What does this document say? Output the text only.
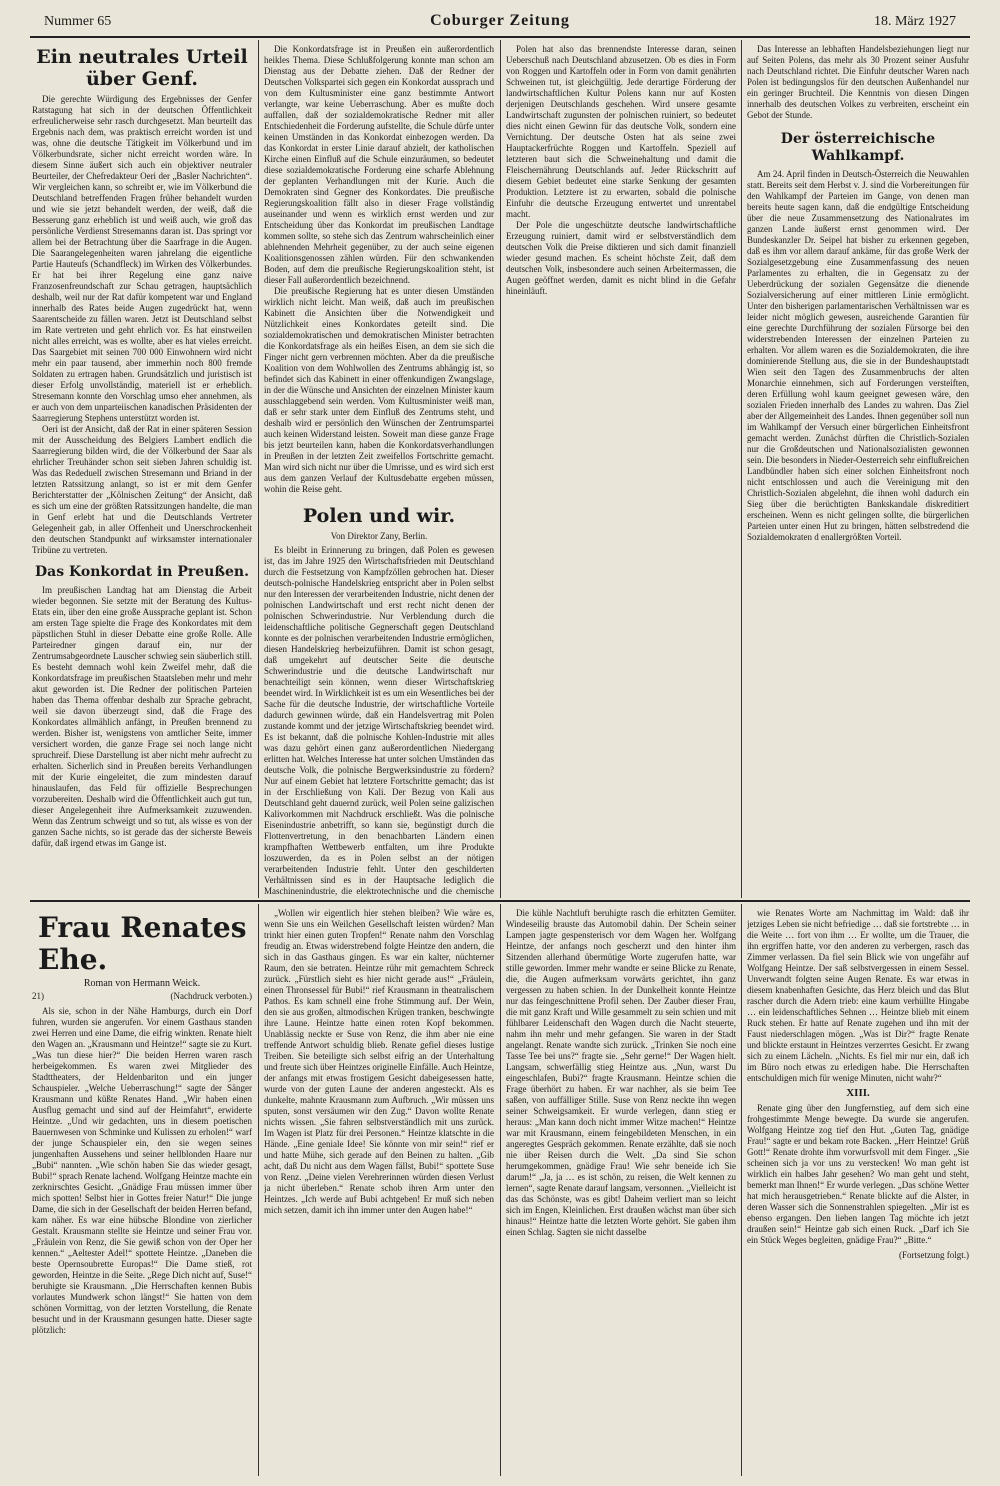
Nummer 65	Coburger Zeitung	18. März 1927
Ein neutrales Urteil über Genf.

Die gerechte Würdigung des Ergebnisses der Genfer Ratstagung hat sich in der deutschen Öffentlichkeit erfreulicherweise sehr rasch durchgesetzt. Man beurteilt das Ergebnis nach dem, was praktisch erreicht worden ist und was, ohne die deutsche Tätigkeit im Völkerbund und im Völkerbundsrate, sicher nicht erreicht worden wäre. In diesem Sinne äußert sich auch ein objektiver neutraler Beurteiler, der Chefredakteur Oeri der „Basler Nachrichten“. Wir vergleichen kann, so schreibt er, wie im Völkerbund die Deutschland betreffenden Fragen früher behandelt wurden und wie sie jetzt behandelt werden, der weiß, daß die Besserung ganz erheblich ist und weiß auch, wie groß das persönliche Verdienst Stresemanns daran ist. Das springt vor allem bei der Betrachtung über die Saarfrage in die Augen. Die Saarangelegenheiten waren jahrelang die eigentliche Partie Hauteufs (Schandfleck) im Wirken des Völkerbundes. Er hat bei ihrer Regelung eine ganz naive Franzosenfreundschaft zur Schau getragen, hauptsächlich deshalb, weil nur der Rat dafür kompetent war und England innerhalb des Rates beide Augen zugedrückt hat, wenn Saarentscheide zu fällen waren. Jetzt ist Deutschland selbst im Rate vertreten und geht ehrlich vor. Es hat einstweilen nicht alles erreicht, was es wollte, aber es hat vieles erreicht. Das Saargebiet mit seinen 700 000 Einwohnern wird nicht mehr ein paar tausend, aber immerhin noch 800 fremde Soldaten zu ertragen haben. Grundsätzlich und juristisch ist dieser Erfolg unvollständig, materiell ist er erheblich. Stresemann konnte den Vorschlag umso eher annehmen, als er auch von dem unparteiischen kanadischen Präsidenten der Saarregierung Stephens unterstützt worden ist.

Oeri ist der Ansicht, daß der Rat in einer späteren Session mit der Ausscheidung des Belgiers Lambert endlich die Saarregierung bilden wird, die der Völkerbund der Saar als ehrlicher Treuhänder schon seit sieben Jahren schuldig ist. Was das Rededuell zwischen Stresemann und Briand in der letzten Ratssitzung anlangt, so ist er mit dem Genfer Berichterstatter der „Kölnischen Zeitung“ der Ansicht, daß es sich um eine der größten Ratssitzungen handelte, die man in Genf erlebt hat und die Deutschlands Vertreter Gelegenheit gab, in aller Offenheit und Unerschrockenheit den deutschen Standpunkt auf wirksamster internationaler Tribüne zu vertreten.

Das Konkordat in Preußen.

Im preußischen Landtag hat am Dienstag die Arbeit wieder begonnen. Sie setzte mit der Beratung des Kultus-Etats ein, über den eine große Aussprache geplant ist. Schon am ersten Tage spielte die Frage des Konkordates mit dem päpstlichen Stuhl in dieser Debatte eine große Rolle. Alle Parteiredner gingen darauf ein, nur der Zentrumsabgeordnete Lauscher schwieg sein säuberlich still. Es besteht demnach wohl kein Zweifel mehr, daß die Konkordatsfrage im preußischen Staatsleben mehr und mehr akut geworden ist. Die Redner der politischen Parteien haben das Thema offenbar deshalb zur Sprache gebracht, weil sie davon überzeugt sind, daß die Frage des Konkordates allmählich anfängt, in Preußen brennend zu werden. Bisher ist, wenigstens von amtlicher Seite, immer versichert worden, die ganze Frage sei noch lange nicht spruchreif. Diese Darstellung ist aber nicht mehr aufrecht zu erhalten. Sicherlich sind in Preußen bereits Verhandlungen mit der Kurie eingeleitet, die zum mindesten darauf hinauslaufen, das Feld für offizielle Besprechungen vorzubereiten. Deshalb wird die Öffentlichkeit auch gut tun, dieser Angelegenheit ihre Aufmerksamkeit zuzuwenden. Wenn das Zentrum schweigt und so tut, als wisse es von der ganzen Sache nichts, so ist gerade das der sicherste Beweis dafür, daß irgend etwas im Gange ist.

Die Konkordatsfrage ist in Preußen ein außerordentlich heikles Thema. Diese Schlußfolgerung konnte man schon am Dienstag aus der Debatte ziehen. Daß der Redner der Deutschen Volkspartei sich gegen ein Konkordat aussprach und von dem Kultusminister eine ganz bestimmte Antwort verlangte, war keine Ueberraschung. Aber es mußte doch auffallen, daß der sozialdemokratische Redner mit aller Entschiedenheit die Forderung aufstellte, die Schule dürfe unter keinen Umständen in das Konkordat einbezogen werden. Da das Konkordat in erster Linie darauf abzielt, der katholischen Kirche einen Einfluß auf die Schule einzuräumen, so bedeutet diese sozialdemokratische Forderung eine scharfe Ablehnung der geplanten Verhandlungen mit der Kurie. Auch die Demokraten sind Gegner des Konkordates. Die preußische Regierungskoalition fällt also in dieser Frage vollständig auseinander und wenn es wirklich ernst werden und zur Entscheidung über das Konkordat im preußischen Landtage kommen sollte, so stehe sich das Zentrum wahrscheinlich einer ablehnenden Mehrheit gegenüber, zu der auch seine eigenen Koalitionsgenossen zählen würden. Für den schwankenden Boden, auf dem die preußische Regierungskoalition steht, ist dieser Fall außerordentlich bezeichnend.

Die preußische Regierung hat es unter diesen Umständen wirklich nicht leicht. Man weiß, daß auch im preußischen Kabinett die Ansichten über die Notwendigkeit und Nützlichkeit eines Konkordates geteilt sind. Die sozialdemokratischen und demokratischen Minister betrachten die Konkordatsfrage als ein heißes Eisen, an dem sie sich die Finger nicht gern verbrennen möchten. Aber da die preußische Koalition von dem Wohlwollen des Zentrums abhängig ist, so befindet sich das Kabinett in einer offenkundigen Zwangslage, in der die Wünsche und Ansichten der einzelnen Minister kaum ausschlaggebend sein werden. Vom Kultusminister weiß man, daß er sehr stark unter dem Einfluß des Zentrums steht, und deshalb wird er persönlich den Wünschen der Zentrumspartei auch keinen Widerstand leisten. Soweit man diese ganze Frage bis jetzt beurteilen kann, haben die Konkordatsverhandlungen in Preußen in der letzten Zeit zweifellos Fortschritte gemacht. Man wird sich nicht nur über die Umrisse, und es wird sich erst aus dem ganzen Verlauf der Kultusdebatte ergeben müssen, wohin die Reise geht.

Polen und wir.
Von Direktor Zany, Berlin.

Es bleibt in Erinnerung zu bringen, daß Polen es gewesen ist, das im Jahre 1925 den Wirtschaftsfrieden mit Deutschland durch die Festsetzung von Kampfzöllen gebrochen hat. Dieser deutsch-polnische Handelskrieg entspricht aber in Polen selbst nur den Interessen der verarbeitenden Industrie, nicht denen der polnischen Landwirtschaft und erst recht nicht denen der polnischen Schwerindustrie. Nur Verblendung durch die leidenschaftliche politische Gegnerschaft gegen Deutschland konnte es der polnischen verarbeitenden Industrie ermöglichen, diesen Handelskrieg herbeizuführen. Damit ist schon gesagt, daß umgekehrt auf deutscher Seite die deutsche Schwerindustrie und die deutsche Landwirtschaft nur benachteiligt sein können, wenn dieser Wirtschaftskrieg beendet wird. In Wirklichkeit ist es um ein Wesentliches bei der Sache für die deutsche Industrie, der wirtschaftliche Vorteile dadurch gewinnen würde, daß ein Handelsvertrag mit Polen zustande kommt und der jetzige Wirtschaftskrieg beendet wird. Es ist bekannt, daß die polnische Kohlen-Industrie mit alles was dazu gehört einen ganz außerordentlichen Niedergang erlitten hat. Welches Interesse hat unter solchen Umständen das deutsche Volk, die polnische Bergwerksindustrie zu fördern? Nur auf einem Gebiet hat letztere Fortschritte gemacht; das ist in der Erschließung von Kali. Der Bezug von Kali aus Deutschland geht dauernd zurück, weil Polen seine galizischen Kalivorkommen mit Nachdruck erschließt. Was die polnische Eisenindustrie anbetrifft, so kann sie, begünstigt durch die Flottenvertretung, in den benachbarten Ländern einen krampfhaften Wettbewerb entfalten, um ihre Produkte loszuwerden, da es in Polen selbst an der nötigen verarbeitenden Industrie fehlt. Unter den geschilderten Verhältnissen sind es in der Hauptsache lediglich die Maschinenindustrie, die elektrotechnische und die chemische

Polen hat also das brennendste Interesse daran, seinen Ueberschuß nach Deutschland abzusetzen. Ob es dies in Form von Roggen und Kartoffeln oder in Form von damit genährten Schweinen tut, ist gleichgültig. Jede derartige Förderung der landwirtschaftlichen Kultur Polens kann nur auf Kosten derjenigen Deutschlands geschehen. Wird unsere gesamte Landwirtschaft zugunsten der polnischen ruiniert, so bedeutet dies nicht einen Gewinn für das deutsche Volk, sondern eine Vernichtung. Der deutsche Osten hat als seine zwei Hauptackerfrüchte Roggen und Kartoffeln. Speziell auf letzteren baut sich die Schweinehaltung und damit die Fleischernährung Deutschlands auf. Jeder Rückschritt auf diesem Gebiet bedeutet eine starke Senkung der gesamten Produktion. Letztere ist zu erwarten, sobald die polnische Einfuhr die deutsche Erzeugung entwertet und unrentabel macht.

Der Pole die ungeschützte deutsche landwirtschaftliche Erzeugung ruiniert, damit wird er selbstverständlich dem deutschen Volk die Preise diktieren und sich damit finanziell wieder gesund machen. Es scheint höchste Zeit, daß dem deutschen Volk, insbesondere auch seinen Arbeitermassen, die Augen geöffnet werden, damit es nicht blind in die Gefahr hineinläuft.

Das Interesse an lebhaften Handelsbeziehungen liegt nur auf Seiten Polens, das mehr als 30 Prozent seiner Ausfuhr nach Deutschland richtet. Die Einfuhr deutscher Waren nach Polen ist bedingungslos für den deutschen Außenhandel nur ein geringer Bruchteil. Die Kenntnis von diesen Dingen innerhalb des deutschen Volkes zu verbreiten, erscheint ein Gebot der Stunde.

Der österreichische Wahlkampf.

Am 24. April finden in Deutsch-Österreich die Neuwahlen statt. Bereits seit dem Herbst v. J. sind die Vorbereitungen für den Wahlkampf der Parteien im Gange, von denen man bereits heute sagen kann, daß die endgültige Entscheidung über die neue Zusammensetzung des Nationalrates im ganzen Lande äußerst ernst genommen wird. Der Bundeskanzler Dr. Seipel hat bisher zu erkennen gegeben, daß es ihm vor allem darauf ankäme, für das große Werk der Sozialgesetzgebung eine Zusammenfassung des neuen Parlamentes zu erhalten, die in Gegensatz zu der Ueberdrückung der sozialen Gegensätze die dienende Sozialversicherung auf einer mittleren Linie ermöglicht. Unter den bisherigen parlamentarischen Verhältnissen war es leider nicht möglich gewesen, ausreichende Garantien für eine gerechte Durchführung der sozialen Fürsorge bei den widerstrebenden Interessen der einzelnen Parteien zu erhalten. Vor allem waren es die Sozialdemokraten, die ihre dominierende Stellung aus, die sie in der Bundeshauptstadt Wien seit den Tagen des Zusammenbruchs der alten Monarchie einnehmen, sich auf Forderungen versteiften, deren Erfüllung wohl kaum geeignet gewesen wäre, den sozialen Frieden innerhalb des Landes zu wahren. Das Ziel aber der Allgemeinheit des Landes. Ihnen gegenüber soll nun im Wahlkampf der Versuch einer bürgerlichen Einheitsfront gemacht werden. Zunächst dürften die Christlich-Sozialen nur die Großdeutschen und Nationalsozialisten gewonnen sein. Die besonders in Nieder-Oesterreich sehr einflußreichen Landbündler haben sich einer solchen Einheitsfront noch nicht entschlossen und auch die Vereinigung mit den Christlich-Sozialen abgelehnt, die ihnen wohl dadurch ein Sieg über die berüchtigten Bankskandale diskreditiert erscheinen. Wenn es nicht gelingen sollte, die bürgerlichen Parteien unter einen Hut zu bringen, hätten selbstredend die Sozialdemokraten d enallergrößten Vorteil.

Frau Renates Ehe.
Roman von Hermann Weick.
21)	(Nachdruck verboten.)

Als sie, schon in der Nähe Hamburgs, durch ein Dorf fuhren, wurden sie angerufen. Vor einem Gasthaus standen zwei Herren und eine Dame, die eifrig winkten. Renate hielt den Wagen an. „Krausmann und Heintze!“ sagte sie zu Kurt. „Was tun diese hier?“ Die beiden Herren waren rasch herbeigekommen. Es waren zwei Mitglieder des Stadttheaters, der Heldenbariton und ein junger Schauspieler. „Welche Ueberraschung!“ sagte der Sänger Krausmann und küßte Renates Hand. „Wir haben einen Ausflug gemacht und sind auf der Heimfahrt“, erwiderte Heintze. „Und wir gedachten, uns in diesem poetischen Bauernwesen von Schminke und Kulissen zu erholen!“ warf der junge Schauspieler ein, den sie wegen seines jungenhaften Aussehens und seiner hellblonden Haare nur „Bubi“ nannten. „Wie schön haben Sie das wieder gesagt, Bubi!“ sprach Renate lachend. Wolfgang Heintze machte ein zerknirschtes Gesicht. „Gnädige Frau müssen immer über mich spotten! Selbst hier in Gottes freier Natur!“ Die junge Dame, die sich in der Gesellschaft der beiden Herren befand, kam näher. Es war eine hübsche Blondine von zierlicher Gestalt. Krausmann stellte sie Heintze und seiner Frau vor. „Fräulein von Renz, die Sie gewiß schon von der Oper her kennen.“ „Aeltester Adel!“ spottete Heintze. „Daneben die beste Opernsoubrette Europas!“ Die Dame stieß, rot geworden, Heintze in die Seite. „Rege Dich nicht auf, Suse!“ beruhigte sie Krausmann. „Die Herrschaften kennen Bubis vorlautes Mundwerk schon längst!“ Sie hatten von dem schönen Vormittag, von der letzten Vorstellung, die Renate besucht und in der Krausmann gesungen hatte. Dieser sagte plötzlich:

„Wollen wir eigentlich hier stehen bleiben? Wie wäre es, wenn Sie uns ein Weilchen Gesellschaft leisten würden? Man trinkt hier einen guten Tropfen!“ Renate nahm den Vorschlag freudig an. Etwas widerstrebend folgte Heintze den andern, die sich in das Gasthaus gingen. Es war ein kalter, nüchterner Raum, den sie betraten. Heintze rühr mit gemachtem Schreck zurück. „Fürstlich sieht es hier nicht gerade aus!“ „Fräulein, einen Thronsessel für Bubi!“ rief Krausmann in theatralischem Pathos. Es kam schnell eine frohe Stimmung auf. Der Wein, den sie aus großen, altmodischen Krügen tranken, beschwingte ihre Laune. Heintze hatte einen roten Kopf bekommen. Unablässig neckte er Suse von Renz, die ihm aber nie eine treffende Antwort schuldig blieb. Renate gefiel dieses lustige Treiben. Sie beteiligte sich selbst eifrig an der Unterhaltung und freute sich über Heintzes originelle Einfälle. Auch Heintze, der anfangs mit etwas frostigem Gesicht dabeigesessen hatte, wurde von der guten Laune der anderen angesteckt. Als es dunkelte, mahnte Krausmann zum Aufbruch. „Wir müssen uns sputen, sonst versäumen wir den Zug.“ Davon wollte Renate nichts wissen. „Sie fahren selbstverständlich mit uns zurück. Im Wagen ist Platz für drei Personen.“ Heintze klatschte in die Hände. „Eine geniale Idee! Sie könnte von mir sein!“ rief er und hatte Mühe, sich gerade auf den Beinen zu halten. „Gib acht, daß Du nicht aus dem Wagen fällst, Bubi!“ spottete Suse von Renz. „Deine vielen Verehrerinnen würden diesen Verlust ja nicht überleben.“ Renate schob ihren Arm unter den Heintzes. „Ich werde auf Bubi achtgeben! Er muß sich neben mich setzen, damit ich ihn immer unter den Augen habe!“

Die kühle Nachtluft beruhigte rasch die erhitzten Gemüter. Windeseilig brauste das Automobil dahin. Der Schein seiner Lampen jagte gespensterisch vor dem Wagen her. Wolfgang Heintze, der anfangs noch gescherzt und den hinter ihm Sitzenden allerhand übermütige Worte zugerufen hatte, war stille geworden. Immer mehr wandte er seine Blicke zu Renate, die, die Augen aufmerksam vorwärts gerichtet, ihn ganz vergessen zu haben schien. In der Dunkelheit konnte Heintze nur das feingeschnittene Profil sehen. Der Zauber dieser Frau, die mit ganz Kraft und Wille gesammelt zu sein schien und mit fühlbarer Leidenschaft den Wagen durch die Nacht steuerte, nahm ihn mehr und mehr gefangen. Sie waren in der Stadt angelangt. Renate wandte sich zurück. „Trinken Sie noch eine Tasse Tee bei uns?“ fragte sie. „Sehr gerne!“ Der Wagen hielt. Langsam, schwerfällig stieg Heintze aus. „Nun, warst Du eingeschlafen, Bubi?“ fragte Krausmann. Heintze schien die Frage überhört zu haben. Er war nachher, als sie beim Tee saßen, von auffälliger Stille. Suse von Renz neckte ihn wegen seiner Schweigsamkeit. Er wurde verlegen, dann stieg er heraus: „Man kann doch nicht immer Witze machen!“ Heintze war mit Krausmann, einem feingebildeten Menschen, in ein angeregtes Gespräch gekommen. Renate erzählte, daß sie noch nie über Reisen durch die Welt. „Da sind Sie schon herumgekommen, gnädige Frau! Wie sehr beneide ich Sie darum!“ „Ja, ja … es ist schön, zu reisen, die Welt kennen zu lernen“, sagte Renate darauf langsam, versonnen. „Vielleicht ist das das Schönste, was es gibt! Daheim verliert man so leicht sich im Engen, Kleinlichen. Erst draußen wächst man über sich hinaus!“ Heintze hatte die letzten Worte gehört. Sie gaben ihm einen Schlag. Sagten sie nicht dasselbe

wie Renates Worte am Nachmittag im Wald: daß ihr jetziges Leben sie nicht befriedige … daß sie fortstrebte … in die Weite … fort von ihm … Er wollte, um die Trauer, die ihn ergriffen hatte, vor den anderen zu verbergen, rasch das Zimmer verlassen. Da fiel sein Blick wie von ungefähr auf Wolfgang Heintze. Der saß selbstvergessen in einem Sessel. Unverwandt folgten seine Augen Renate. Es war etwas in diesem knabenhaften Gesichte, das Herz bleich und das Blut rascher durch die Adern trieb: eine kaum verhüllte Hingabe … ein leidenschaftliches Sehnen … Heintze blieb mit einem Ruck stehen. Er hatte auf Renate zugehen und ihn mit der Faust niederschlagen mögen. „Was ist Dir?“ fragte Renate und blickte erstaunt in Heintzes verzerrtes Gesicht. Er zwang sich zu einem Lächeln. „Nichts. Es fiel mir nur ein, daß ich im Büro noch etwas zu erledigen habe. Die Herrschaften entschuldigen mich für wenige Minuten, nicht wahr?“

XIII.

Renate ging über den Jungfernstieg, auf dem sich eine frohgestimmte Menge bewegte. Da wurde sie angerufen. Wolfgang Heintze zog tief den Hut. „Guten Tag, gnädige Frau!“ sagte er und bekam rote Backen. „Herr Heintze! Grüß Gott!“ Renate drohte ihm vorwurfsvoll mit dem Finger. „Sie scheinen sich ja vor uns zu verstecken! Wo man geht ist wirklich ein halbes Jahr gesehen? Wo man geht und steht, bemerkt man Ihnen!“ Er wurde verlegen. „Das schöne Wetter hat mich herausgetrieben.“ Renate blickte auf die Alster, in deren Wasser sich die Sonnenstrahlen spiegelten. „Mir ist es ebenso ergangen. Den lieben langen Tag möchte ich jetzt draußen sein!“ Heintze gab sich einen Ruck. „Darf ich Sie ein Stück Weges begleiten, gnädige Frau?“ „Bitte.“

(Fortsetzung folgt.)
